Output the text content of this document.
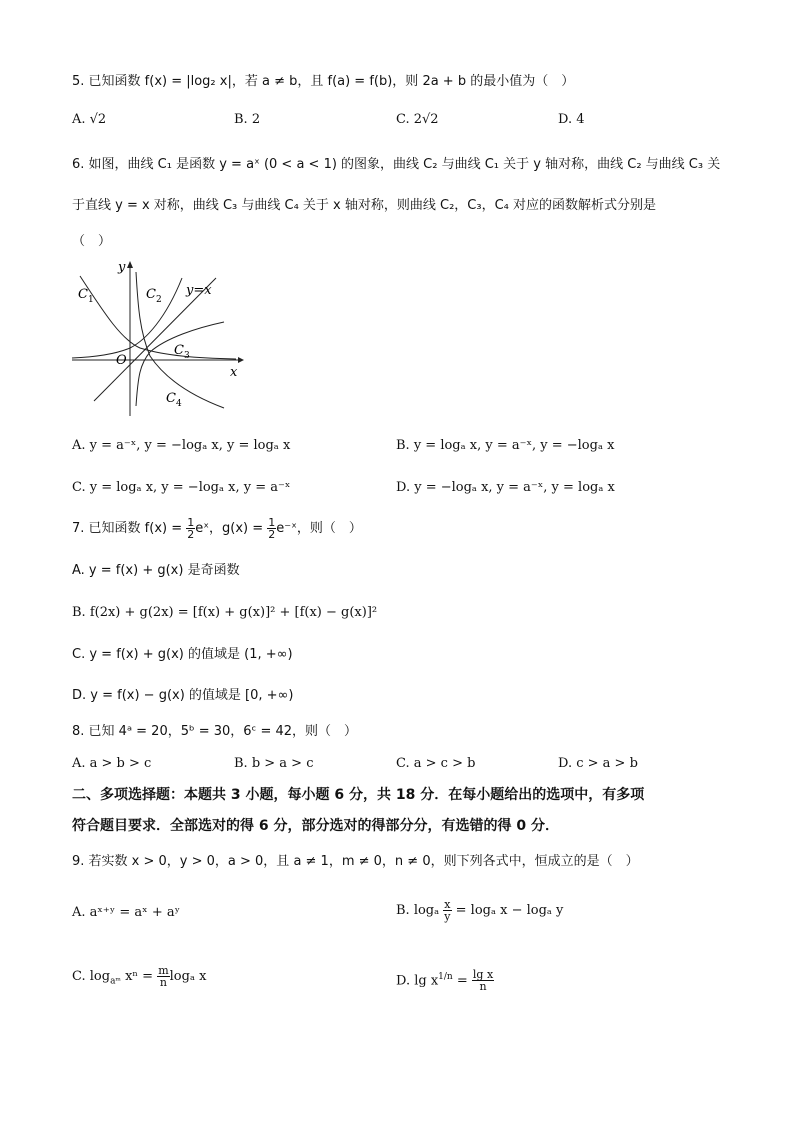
5. 已知函数 f(x) = |log₂ x|，若 a ≠ b，且 f(a) = f(b)，则 2a + b 的最小值为（　）
A. √2	B. 2	C. 2√2	D. 4
6. 如图，曲线 C₁ 是函数 y = aˣ (0 < a < 1) 的图象，曲线 C₂ 与曲线 C₁ 关于 y 轴对称，曲线 C₂ 与曲线 C₃ 关
于直线 y = x 对称，曲线 C₃ 与曲线 C₄ 关于 x 轴对称，则曲线 C₂，C₃，C₄ 对应的函数解析式分别是
（　）
y
x
O
C 1	C 2
y=x
C 3
C 4
A. y = a⁻ˣ, y = −logₐ x, y = logₐ x	B. y = logₐ x, y = a⁻ˣ, y = −logₐ x
C. y = logₐ x, y = −logₐ x, y = a⁻ˣ	D. y = −logₐ x, y = a⁻ˣ, y = logₐ x
7. 已知函数 $f(x) = \frac{1}{2}$ eˣ，$g(x) = \frac{1}{2}$ e⁻ˣ，则（　）
A. y = f(x) + g(x) 是奇函数
B. f(2x) + g(2x) = [f(x) + g(x)]² + [f(x) − g(x)]²
C. y = f(x) + g(x) 的值域是 (1, +∞)
D. y = f(x) − g(x) 的值域是 [0, +∞)
8. 已知 4ᵃ = 20，5ᵇ = 30，6ᶜ = 42，则（　）
A. a > b > c	B. b > a > c	C. a > c > b	D. c > a > b
二、多项选择题：本题共 3 小题，每小题 6 分，共 18 分．在每小题给出的选项中，有多项
符合题目要求．全部选对的得 6 分，部分选对的得部分分，有选错的得 0 分．
9. 若实数 x > 0，y > 0，a > 0，且 a ≠ 1，m ≠ 0，n ≠ 0，则下列各式中，恒成立的是（　）
A. aˣ⁺ʸ = aˣ + aʸ	B. logₐ $\frac{x}{y} = \log_a$ x − logₐ y
C. $\log_{aᵐ} x^n = \frac{m}{n}$ logₐ x	D. $\lg x^{1/n} = \frac{\text{lg x}}{n}$
